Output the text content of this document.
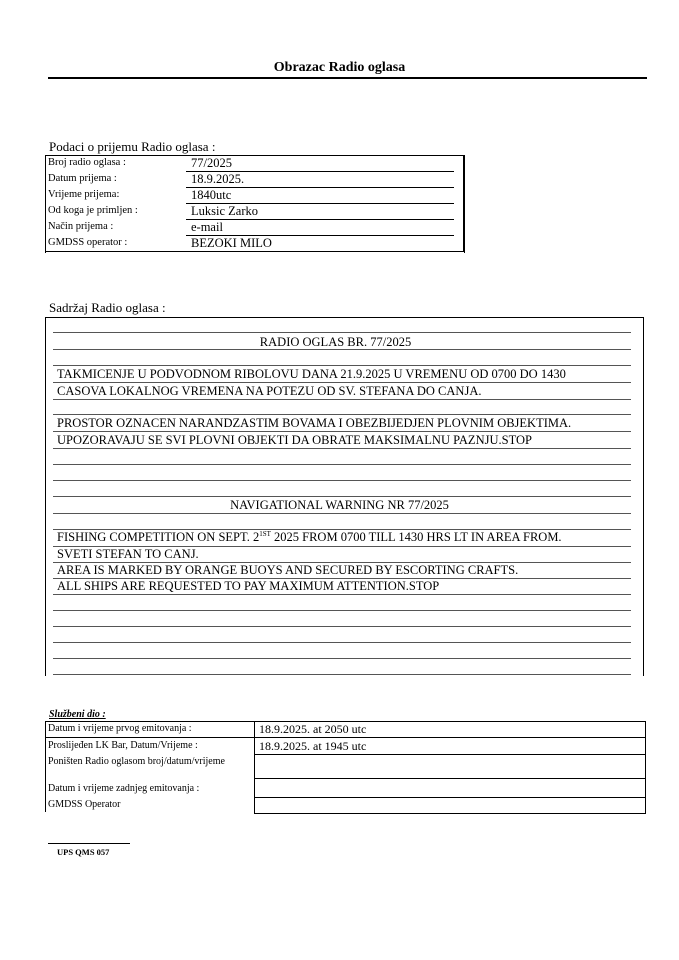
Obrazac Radio oglasa
Podaci o prijemu Radio oglasa :
Broj radio oglasa :	77/2025
Datum prijema :	18.9.2025.
Vrijeme prijema:	1840utc
Od koga je primljen :	Luksic Zarko
Način prijema :	e-mail
GMDSS operator :	BEZOKI MILO
Sadržaj Radio oglasa :
RADIO OGLAS BR. 77/2025
TAKMICENJE U PODVODNOM RIBOLOVU DANA 21.9.2025 U VREMENU OD 0700 DO 1430
CASOVA LOKALNOG VREMENA NA POTEZU OD SV. STEFANA DO CANJA.
PROSTOR OZNACEN NARANDZASTIM BOVAMA I OBEZBIJEDJEN PLOVNIM OBJEKTIMA.
UPOZORAVAJU SE SVI PLOVNI OBJEKTI DA OBRATE MAKSIMALNU PAZNJU.STOP
NAVIGATIONAL WARNING NR 77/2025
FISHING COMPETITION ON SEPT. $2^{1ST}$ 2025 FROM 0700 TILL 1430 HRS LT IN AREA FROM.
SVETI STEFAN TO CANJ.
AREA IS MARKED BY ORANGE BUOYS AND SECURED BY ESCORTING CRAFTS.
ALL SHIPS ARE REQUESTED TO PAY MAXIMUM ATTENTION.STOP
Službeni dio :
Datum i vrijeme prvog emitovanja :	18.9.2025. at 2050 utc
Proslijeđen LK Bar, Datum/Vrijeme :	18.9.2025. at 1945 utc
Poništen Radio oglasom broj/datum/vrijeme
Datum i vrijeme zadnjeg emitovanja :
GMDSS Operator
UPS QMS 057
